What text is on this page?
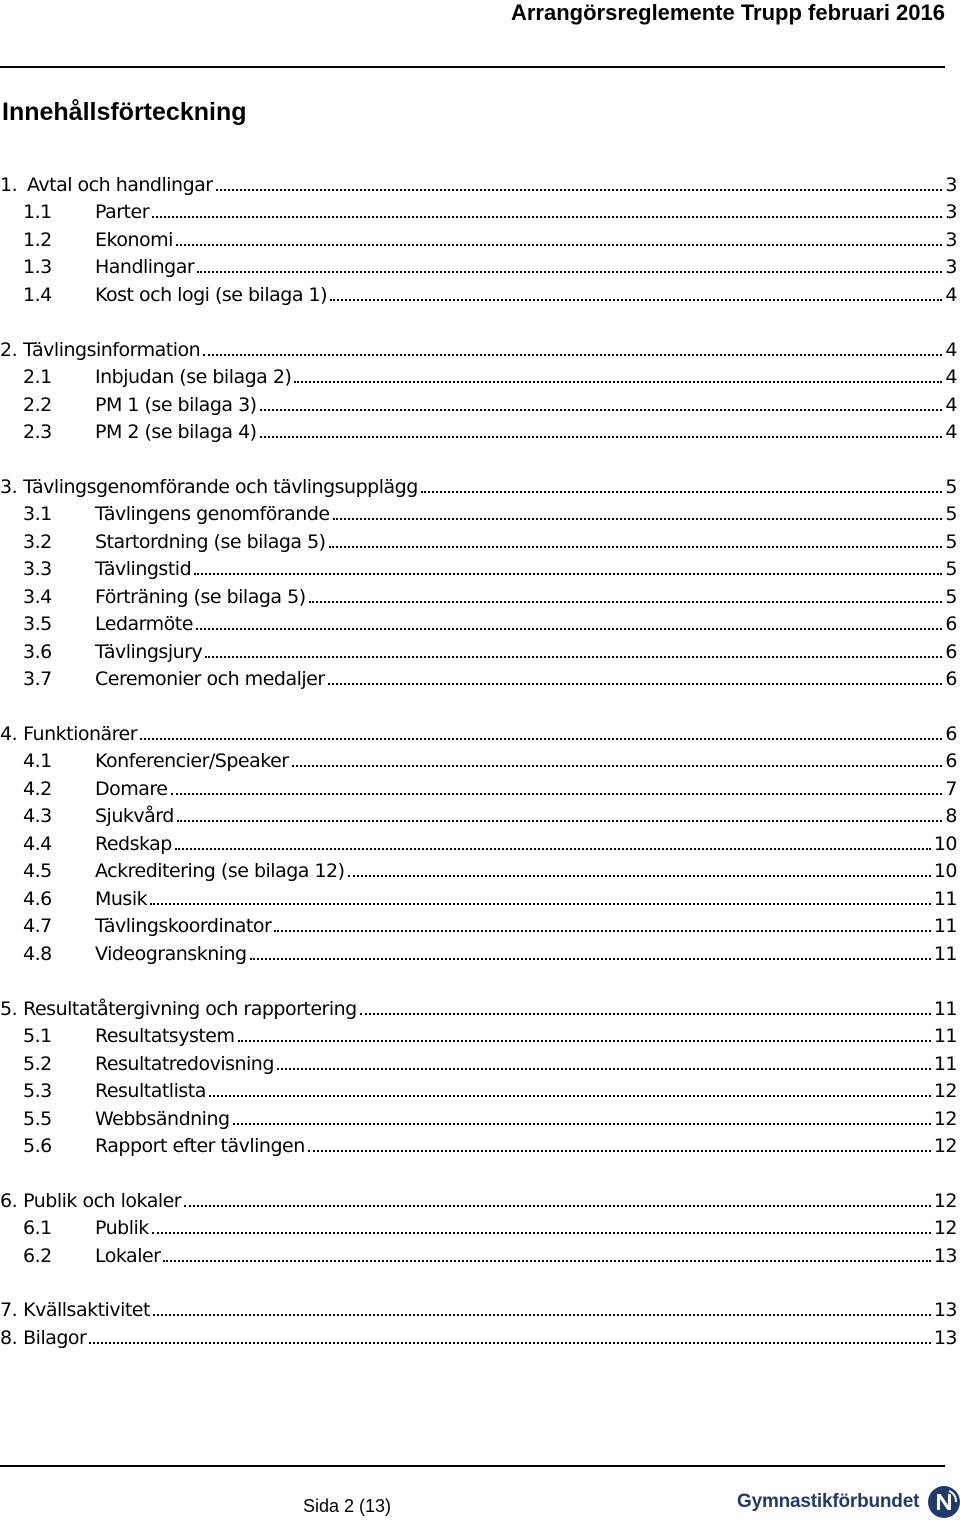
Arrangörsreglemente Trupp februari 2016
Innehållsförteckning
1. Avtal och handlingar	3
1.1	Parter	3
1.2	Ekonomi	3
1.3	Handlingar	3
1.4	Kost och logi (se bilaga 1)	4
2. Tävlingsinformation	4
2.1	Inbjudan (se bilaga 2)	4
2.2	PM 1 (se bilaga 3)	4
2.3	PM 2 (se bilaga 4)	4
3. Tävlingsgenomförande och tävlingsupplägg	5
3.1	Tävlingens genomförande	5
3.2	Startordning (se bilaga 5)	5
3.3	Tävlingstid	5
3.4	Förträning (se bilaga 5)	5
3.5	Ledarmöte	6
3.6	Tävlingsjury	6
3.7	Ceremonier och medaljer	6
4. Funktionärer	6
4.1	Konferencier/Speaker	6
4.2	Domare	7
4.3	Sjukvård	8
4.4	Redskap	10
4.5	Ackreditering (se bilaga 12)	10
4.6	Musik	11
4.7	Tävlingskoordinator	11
4.8	Videogranskning	11
5. Resultatåtergivning och rapportering	11
5.1	Resultatsystem	11
5.2	Resultatredovisning	11
5.3	Resultatlista	12
5.5	Webbsändning	12
5.6	Rapport efter tävlingen	12
6. Publik och lokaler	12
6.1	Publik	12
6.2	Lokaler	13
7. Kvällsaktivitet	13
8. Bilagor	13
Sida 2 (13)	Gymnastikförbundet
